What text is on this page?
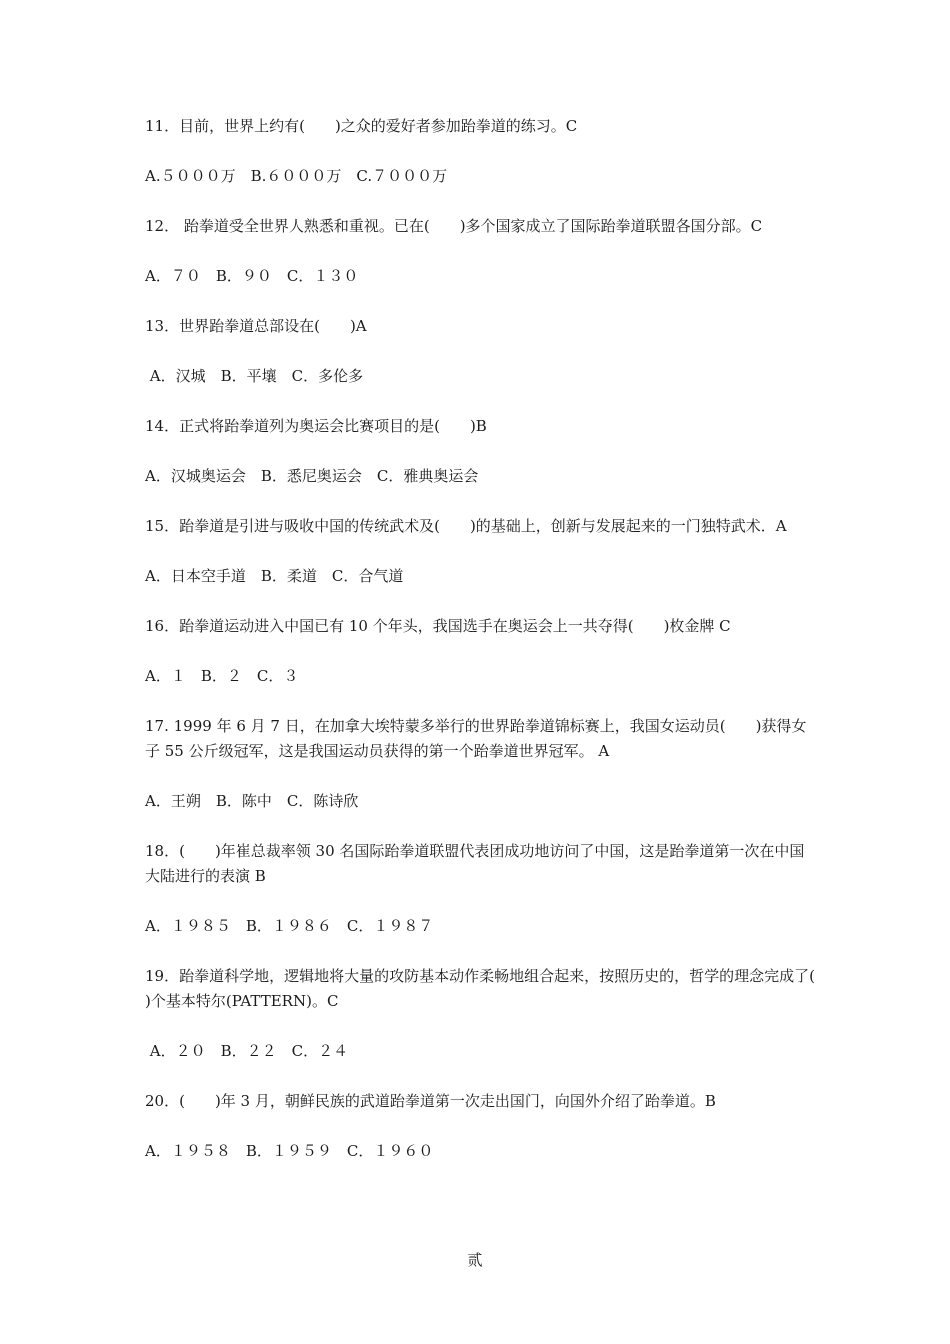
11．目前，世界上约有(　　)之众的爱好者参加跆拳道的练习。C
A.５０００万　B.６０００万　C.７０００万
12． 跆拳道受全世界人熟悉和重视。已在(　　)多个国家成立了国际跆拳道联盟各国分部。C
A．７０　B．９０　C．１３０
13．世界跆拳道总部设在(　　)A
A．汉城　B．平壤　C．多伦多
14．正式将跆拳道列为奥运会比赛项目的是(　　)B
A．汉城奥运会　B．悉尼奥运会　C．雅典奥运会
15．跆拳道是引进与吸收中国的传统武术及(　　)的基础上，创新与发展起来的一门独特武术．A
A．日本空手道　B．柔道　C．合气道
16．跆拳道运动进入中国已有 10 个年头，我国选手在奥运会上一共夺得(　　)枚金牌 C
A．１　B．２　C．３
17. 1999 年 6 月 7 日，在加拿大埃特蒙多举行的世界跆拳道锦标赛上，我国女运动员(　　)获得女子 55 公斤级冠军，这是我国运动员获得的第一个跆拳道世界冠军。 A
A．王朔　B．陈中　C．陈诗欣
18．(　　)年崔总裁率领 30 名国际跆拳道联盟代表团成功地访问了中国，这是跆拳道第一次在中国大陆进行的表演 B
A．１９８５　B．１９８６　C．１９８７
19．跆拳道科学地，逻辑地将大量的攻防基本动作柔畅地组合起来，按照历史的，哲学的理念完成了(　　)个基本特尔(PATTERN)。C
A．２０　B．２２　C．２４
20．(　　)年 3 月，朝鲜民族的武道跆拳道第一次走出国门，向国外介绍了跆拳道。B
A．１９５８　B．１９５９　C．１９６０
贰
